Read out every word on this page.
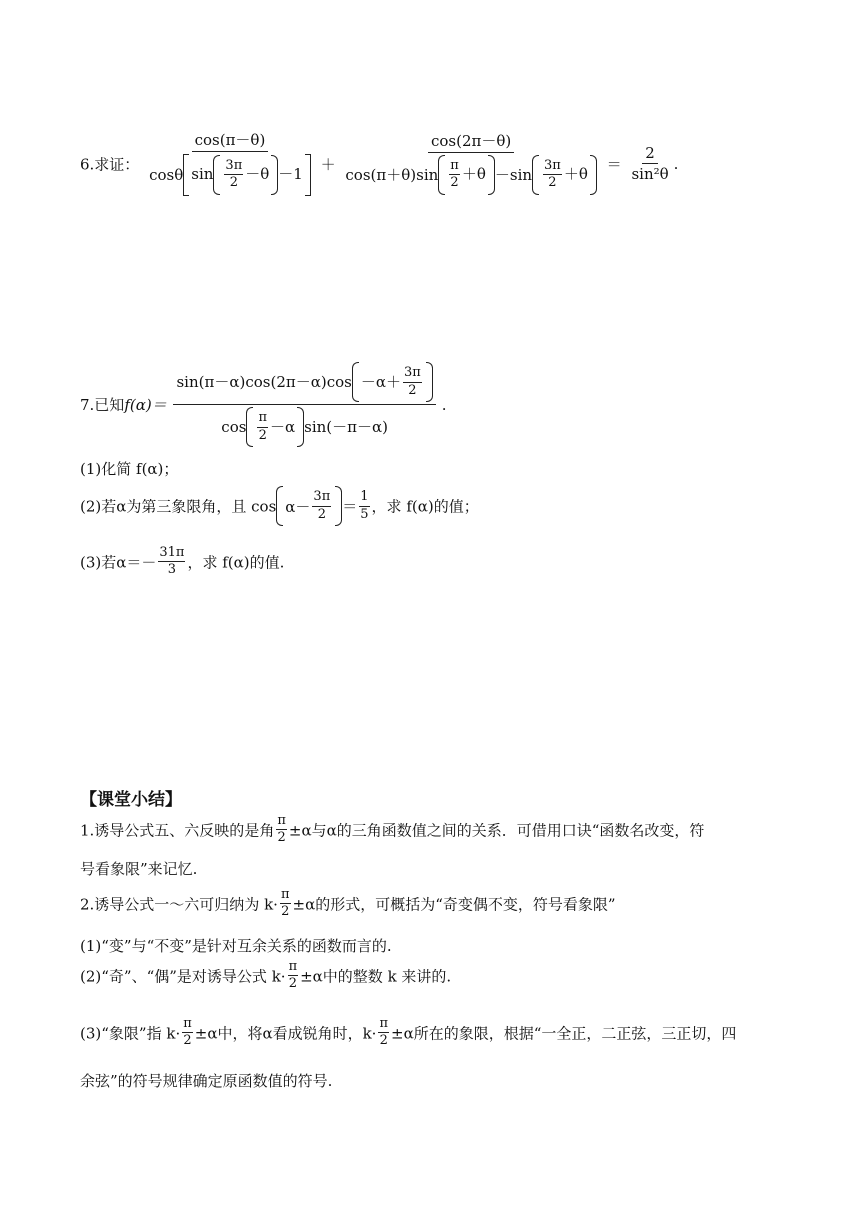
6.求证： $\frac{\cos(\pi-\theta)}{\cos\theta \sin \frac{3\pi}{2} -\theta -1} + \frac{\cos(2\pi-\theta)}{\cos(\pi+\theta)\sin \frac{\pi}{2} +\theta -\sin \frac{3\pi}{2} +\theta} = \frac{2}{\text{sin²θ}}$ .
7.已知$f(\alpha)= \frac{\sin(\pi-\alpha)\cos(2\pi-\alpha)\cos -\alpha+ \frac{3\pi}{2}}{\cos \frac{\pi}{2} -\alpha \sin(-\pi-\alpha)}$ .
(1)化简 f(α)；
(2)若α为第三象限角，且 $\cos \alpha- \frac{3\pi}{2} = \frac{1}{5}$ ，求 f(α)的值；
(3)若$\alpha=- \frac{31\pi}{3}$ ，求 f(α)的值.
【课堂小结】
1.诱导公式五、六反映的是角 $\frac{\pi}{2} \pm\alpha$与α的三角函数值之间的关系．可借用口诀“函数名改变，符
号看象限”来记忆.
2.诱导公式一～六可归纳为 $k\cdot \frac{\pi}{2} \pm\alpha$的形式，可概括为“奇变偶不变，符号看象限”
(1)“变”与“不变”是针对互余关系的函数而言的.
(2)“奇”、“偶”是对诱导公式 $k\cdot \frac{\pi}{2} \pm\alpha$中的整数 k 来讲的.
(3)“象限”指 $k\cdot \frac{\pi}{2} \pm\alpha$中，将α看成锐角时，$k\cdot \frac{\pi}{2} \pm\alpha$所在的象限，根据“一全正，二正弦，三正切，四
余弦”的符号规律确定原函数值的符号.
